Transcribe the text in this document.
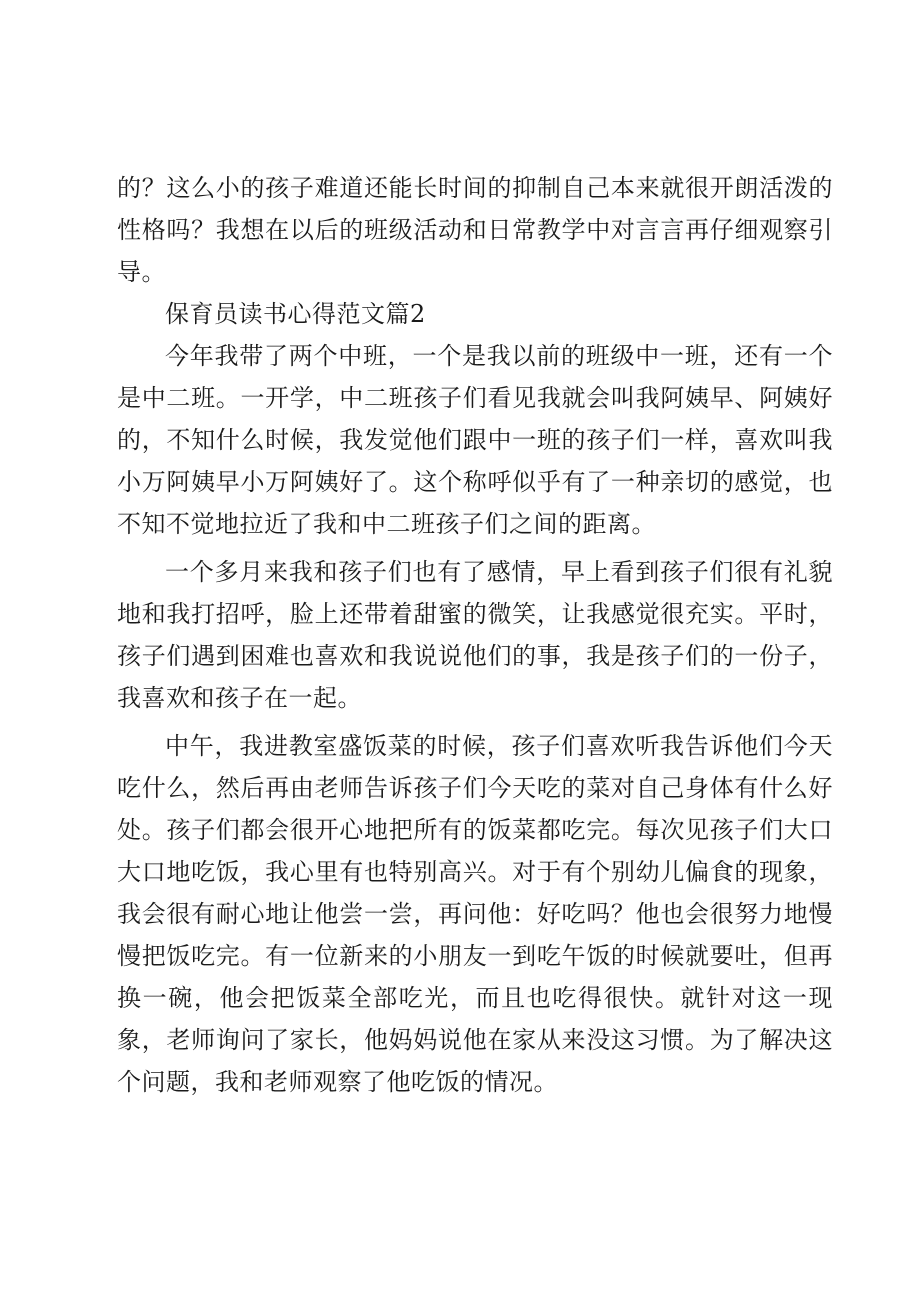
的？这么小的孩子难道还能长时间的抑制自己本来就很开朗活泼的性格吗？我想在以后的班级活动和日常教学中对言言再仔细观察引导。

保育员读书心得范文篇2

今年我带了两个中班，一个是我以前的班级中一班，还有一个是中二班。一开学，中二班孩子们看见我就会叫我阿姨早、阿姨好的，不知什么时候，我发觉他们跟中一班的孩子们一样，喜欢叫我小万阿姨早小万阿姨好了。这个称呼似乎有了一种亲切的感觉，也不知不觉地拉近了我和中二班孩子们之间的距离。

一个多月来我和孩子们也有了感情，早上看到孩子们很有礼貌地和我打招呼，脸上还带着甜蜜的微笑，让我感觉很充实。平时，孩子们遇到困难也喜欢和我说说他们的事，我是孩子们的一份子，我喜欢和孩子在一起。

中午，我进教室盛饭菜的时候，孩子们喜欢听我告诉他们今天吃什么，然后再由老师告诉孩子们今天吃的菜对自己身体有什么好处。孩子们都会很开心地把所有的饭菜都吃完。每次见孩子们大口大口地吃饭，我心里有也特别高兴。对于有个别幼儿偏食的现象，我会很有耐心地让他尝一尝，再问他：好吃吗？他也会很努力地慢慢把饭吃完。有一位新来的小朋友一到吃午饭的时候就要吐，但再换一碗，他会把饭菜全部吃光，而且也吃得很快。就针对这一现象，老师询问了家长，他妈妈说他在家从来没这习惯。为了解决这个问题，我和老师观察了他吃饭的情况。
